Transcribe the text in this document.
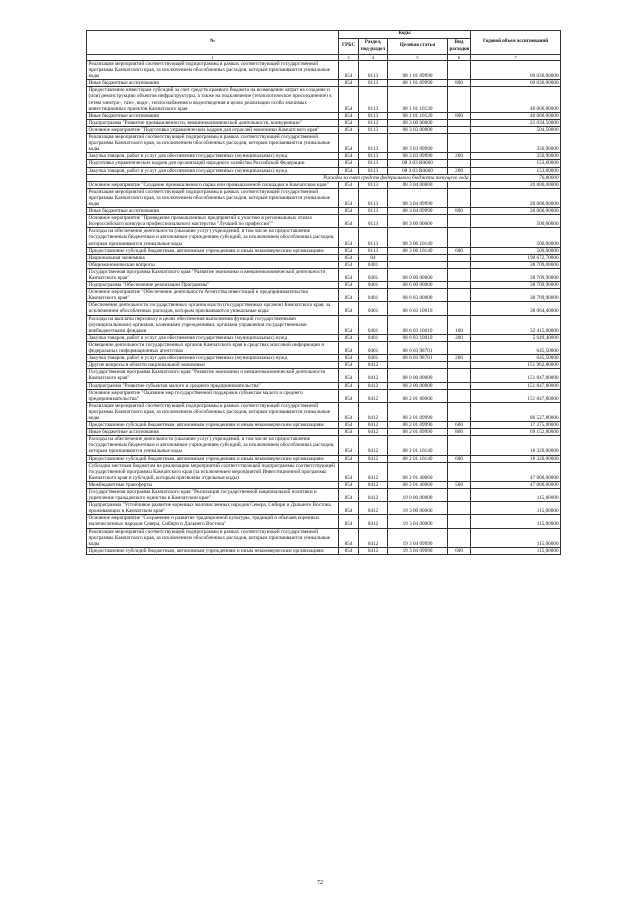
№	Коды				Годовой объем ассигнований
	ГРБС	Раздел, под-раздел	Целевая статья	Вид расходов	
1	3	4	5	6	7
Реализация мероприятий соответствующей подпрограммы в рамках соответствующей государственной программы Камчатского края, за исключением обособленных расходов, которым присваиваются уникальные коды	854	0113	08 1 01 09990		60 030,00000
Иные бюджетные ассигнования	854	0113	08 1 01 09990	800	60 030,00000
Предоставление инвесторам субсидий за счет средств краевого бюджета на возмещение затрат на создание и (или) реконструкцию объектов инфраструктуры, а также на подключение (технологическое присоединение) к сетям электро-, газо-, водо-, теплоснабжения и водоотведения в целях реализации особо значимых инвестиционных проектов Камчатского края	854	0113	08 1 01 10120		40 000,00000
Иные бюджетные ассигнования	854	0113	08 1 01 10120	800	40 000,00000
Подпрограмма "Развитие промышленности, внешнеэкономической деятельности, конкуренции"	854	0113	08 3 00 00000		21 034,50000
Основное мероприятие "Подготовка управленческих кадров для отраслей экономики Камчатского края"	854	0113	08 3 03 00000		504,50000
Реализация мероприятий соответствующей подпрограммы в рамках соответствующей государственной программы Камчатского края, за исключением обособленных расходов, которым присваиваются уникальные коды	854	0113	08 3 03 09990		350,90000
Закупка товаров, работ и услуг для обеспечения государственных (муниципальных) нужд	854	0113	08 3 03 09990	200	350,90000
Подготовка управленческих кадров для организаций народного хозяйства Российской Федерации	854	0113	08 3 03 R0660		153,60000
Закупка товаров, работ и услуг для обеспечения государственных (муниципальных) нужд	854	0113	08 3 03 R0660	200	153,60000
Расходы за счет средств федерального бюджета текущего года					76,80000
Основное мероприятие "Создание промышленного парка или промышленной площадки в Камчатском крае"	854	0113	08 3 04 00000		20 000,00000
Реализация мероприятий соответствующей подпрограммы в рамках соответствующей государственной программы Камчатского края, за исключением обособленных расходов, которым присваиваются уникальные коды	854	0113	08 3 04 09990		20 000,00000
Иные бюджетные ассигнования	854	0113	08 3 04 09990	800	20 000,00000
Основное мероприятие "Проведение промышленных предприятий к участию в региональных этапах Всероссийского конкурса профессионального мастерства "Лучший по профессии""	854	0113	08 3 06 00000		500,00000
Расходы на обеспечение деятельности (оказание услуг) учреждений, в том числе на предоставление государственным бюджетным и автономным учреждениям субсидий, за исключением обособленных расходов, которым присваиваются уникальные коды	854	0113	08 3 06 10140		500,00000
Предоставление субсидий бюджетным, автономным учреждениям и иным некоммерческим организациям	854	0113	08 3 06 10140	600	500,00000
Национальная экономика	854	04			190 672,70000
Общеэкономические вопросы	854	0401			38 709,00000
Государственная программа Камчатского края "Развитие экономики и внешнеэкономической деятельности Камчатского края"	854	0401	08 0 00 00000		38 709,90000
Подпрограмма "Обеспечение реализации Программы"	854	0401	08 6 00 00000		38 709,90000
Основное мероприятие "Обеспечение деятельности Агентства инвестиций и предпринимательства Камчатского края"	854	0401	08 6 03 00000		38 709,90000
Обеспечение деятельности государственных органов власти (государственных органов) Камчатского края, за исключением обособленных расходов, которым присваиваются уникальные коды	854	0401	08 6 03 10010		38 064,40000
Расходы на выплаты персоналу в целях обеспечения выполнения функций государственными (муниципальными) органами, казенными учреждениями, органами управления государственными внебюджетными фондами	854	0401	08 6 03 10010	100	32 415,00000
Закупка товаров, работ и услуг для обеспечения государственных (муниципальных) нужд	854	0401	08 6 03 10010	200	5 649,40000
Освещение деятельности государственных органов Камчатского края в средствах массовой информации и федеральных информационных агентствах	854	0401	08 6 03 98701		645,50000
Закупка товаров, работ и услуг для обеспечения государственных (муниципальных) нужд	854	0401	08 6 03 98701	200	645,50000
Другие вопросы в области национальной экономики	854	0412			151 962,80000
Государственная программа Камчатского края "Развитие экономики и внешнеэкономической деятельности Камчатского края"	854	0412	08 0 00 00000		151 847,80000
Подпрограмма "Развитие субъектов малого и среднего предпринимательства"	854	0412	08 2 00 00000		151 847,80000
Основное мероприятие "Оказание мер государственной поддержки субъектам малого и среднего предпринимательства"	854	0412	08 2 01 00000		151 847,80000
Реализация мероприятий соответствующей подпрограммы в рамках соответствующей государственной программы Камчатского края, за исключением обособленных расходов, которым присваиваются уникальные коды	854	0412	08 2 01 09990		86 527,80000
Предоставление субсидий бюджетным, автономным учреждениям и иным некоммерческим организациям	854	0412	08 2 01 09990	600	17 375,00000
Иные бюджетные ассигнования	854	0412	08 2 01 09990	800	69 152,80000
Расходы на обеспечение деятельности (оказание услуг) учреждений, в том числе на предоставление государственным бюджетным и автономным учреждениям субсидий, за исключением обособленных расходов, которым присваиваются уникальные коды	854	0412	08 2 01 10140		18 320,00000
Предоставление субсидий бюджетным, автономным учреждениям и иным некоммерческим организациям	854	0412	08 2 01 10140	600	18 320,00000
Субсидии местным бюджетам на реализацию мероприятий соответствующей подпрограммы соответствующей государственной программы Камчатского края (за исключением мероприятий Инвестиционной программы Камчатского края и субсидий, которым присвоены отдельные коды)	854	0412	08 2 01 40060		47 000,00000
Межбюджетные трансферты	854	0412	08 2 01 40060	500	47 000,00000
Государственная программа Камчатского края "Реализация государственной национальной политики и укрепление гражданского единства в Камчатском крае"	854	0412	19 0 00 00000		115,00000
Подпрограмма "Устойчивое развитие коренных малочисленных народов Севера, Сибири и Дальнего Востока, проживающих в Камчатском крае"	854	0412	19 3 00 00000		115,00000
Основное мероприятие "Сохранение и развитие традиционной культуры, традиций и обычаев коренных малочисленных народов Севера, Сибири и Дальнего Востока"	854	0412	19 3 04 00000		115,00000
Реализация мероприятий соответствующей подпрограммы в рамках соответствующей государственной программы Камчатского края, за исключением обособленных расходов, которым присваиваются уникальные коды	854	0412	19 3 04 09990		115,00000
Предоставление субсидий бюджетным, автономным учреждениям и иным некоммерческим организациям	854	0412	19 3 04 09990	600	115,00000
72
